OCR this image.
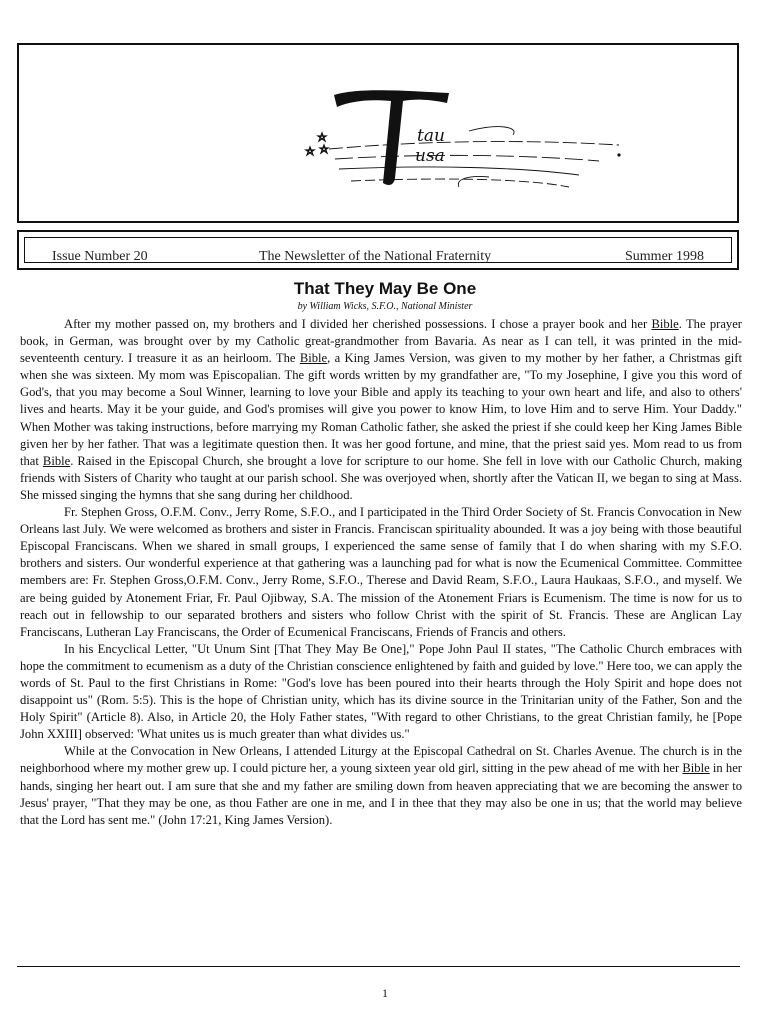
tau
usa
Issue Number 20	The Newsletter of the National Fraternity	Summer 1998
That They May Be One
by William Wicks, S.F.O., National Minister

After my mother passed on, my brothers and I divided her cherished possessions. I chose a prayer book and her Bible. The prayer book, in German, was brought over by my Catholic great-grandmother from Bavaria. As near as I can tell, it was printed in the mid-seventeenth century. I treasure it as an heirloom. The Bible, a King James Version, was given to my mother by her father, a Christmas gift when she was sixteen. My mom was Episcopalian. The gift words written by my grandfather are, "To my Josephine, I give you this word of God's, that you may become a Soul Winner, learning to love your Bible and apply its teaching to your own heart and life, and also to others' lives and hearts. May it be your guide, and God's promises will give you power to know Him, to love Him and to serve Him. Your Daddy." When Mother was taking instructions, before marrying my Roman Catholic father, she asked the priest if she could keep her King James Bible given her by her father. That was a legitimate question then. It was her good fortune, and mine, that the priest said yes. Mom read to us from that Bible. Raised in the Episcopal Church, she brought a love for scripture to our home. She fell in love with our Catholic Church, making friends with Sisters of Charity who taught at our parish school. She was overjoyed when, shortly after the Vatican II, we began to sing at Mass. She missed singing the hymns that she sang during her childhood.

Fr. Stephen Gross, O.F.M. Conv., Jerry Rome, S.F.O., and I participated in the Third Order Society of St. Francis Convocation in New Orleans last July. We were welcomed as brothers and sister in Francis. Franciscan spirituality abounded. It was a joy being with those beautiful Episcopal Franciscans. When we shared in small groups, I experienced the same sense of family that I do when sharing with my S.F.O. brothers and sisters. Our wonderful experience at that gathering was a launching pad for what is now the Ecumenical Committee. Committee members are: Fr. Stephen Gross,O.F.M. Conv., Jerry Rome, S.F.O., Therese and David Ream, S.F.O., Laura Haukaas, S.F.O., and myself. We are being guided by Atonement Friar, Fr. Paul Ojibway, S.A. The mission of the Atonement Friars is Ecumenism. The time is now for us to reach out in fellowship to our separated brothers and sisters who follow Christ with the spirit of St. Francis. These are Anglican Lay Franciscans, Lutheran Lay Franciscans, the Order of Ecumenical Franciscans, Friends of Francis and others.

In his Encyclical Letter, "Ut Unum Sint [That They May Be One]," Pope John Paul II states, "The Catholic Church embraces with hope the commitment to ecumenism as a duty of the Christian conscience enlightened by faith and guided by love." Here too, we can apply the words of St. Paul to the first Christians in Rome: "God's love has been poured into their hearts through the Holy Spirit and hope does not disappoint us" (Rom. 5:5). This is the hope of Christian unity, which has its divine source in the Trinitarian unity of the Father, Son and the Holy Spirit" (Article 8). Also, in Article 20, the Holy Father states, "With regard to other Christians, to the great Christian family, he [Pope John XXIII] observed: 'What unites us is much greater than what divides us."

While at the Convocation in New Orleans, I attended Liturgy at the Episcopal Cathedral on St. Charles Avenue. The church is in the neighborhood where my mother grew up. I could picture her, a young sixteen year old girl, sitting in the pew ahead of me with her Bible in her hands, singing her heart out. I am sure that she and my father are smiling down from heaven appreciating that we are becoming the answer to Jesus' prayer, "That they may be one, as thou Father are one in me, and I in thee that they may also be one in us; that the world may believe that the Lord has sent me." (John 17:21, King James Version).

1
